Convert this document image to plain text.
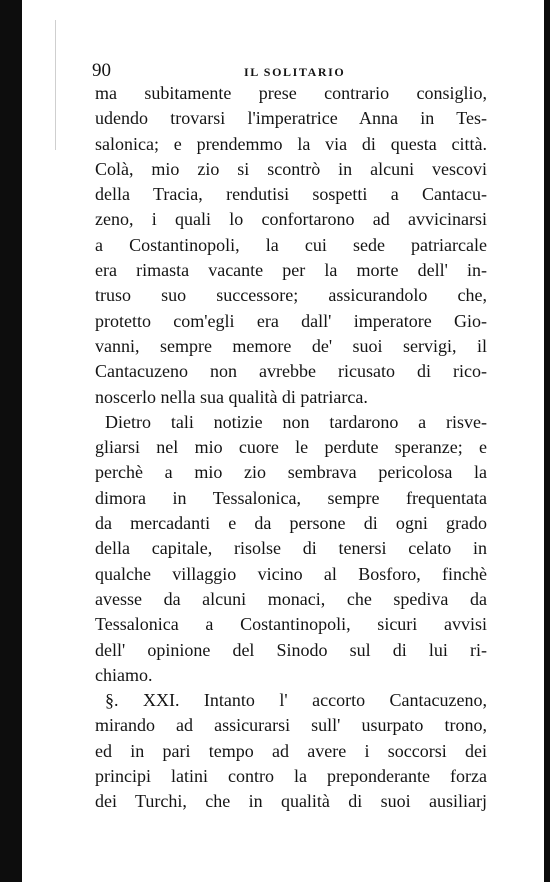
90	IL SOLITARIO
ma subitamente prese contrario consiglio,
udendo trovarsi l'imperatrice Anna in Tes-
salonica; e prendemmo la via di questa città.
Colà, mio zio si scontrò in alcuni vescovi
della Tracia, rendutisi sospetti a Cantacu-
zeno, i quali lo confortarono ad avvicinarsi
a Costantinopoli, la cui sede patriarcale
era rimasta vacante per la morte dell' in-
truso suo successore; assicurandolo che,
protetto com'egli era dall' imperatore Gio-
vanni, sempre memore de' suoi servigi, il
Cantacuzeno non avrebbe ricusato di rico-
noscerlo nella sua qualità di patriarca.
Dietro tali notizie non tardarono a risve-
gliarsi nel mio cuore le perdute speranze; e
perchè a mio zio sembrava pericolosa la
dimora in Tessalonica, sempre frequentata
da mercadanti e da persone di ogni grado
della capitale, risolse di tenersi celato in
qualche villaggio vicino al Bosforo, finchè
avesse da alcuni monaci, che spediva da
Tessalonica a Costantinopoli, sicuri avvisi
dell' opinione del Sinodo sul di lui ri-
chiamo.
§. XXI. Intanto l' accorto Cantacuzeno,
mirando ad assicurarsi sull' usurpato trono,
ed in pari tempo ad avere i soccorsi dei
principi latini contro la preponderante forza
dei Turchi, che in qualità di suoi ausiliarj
